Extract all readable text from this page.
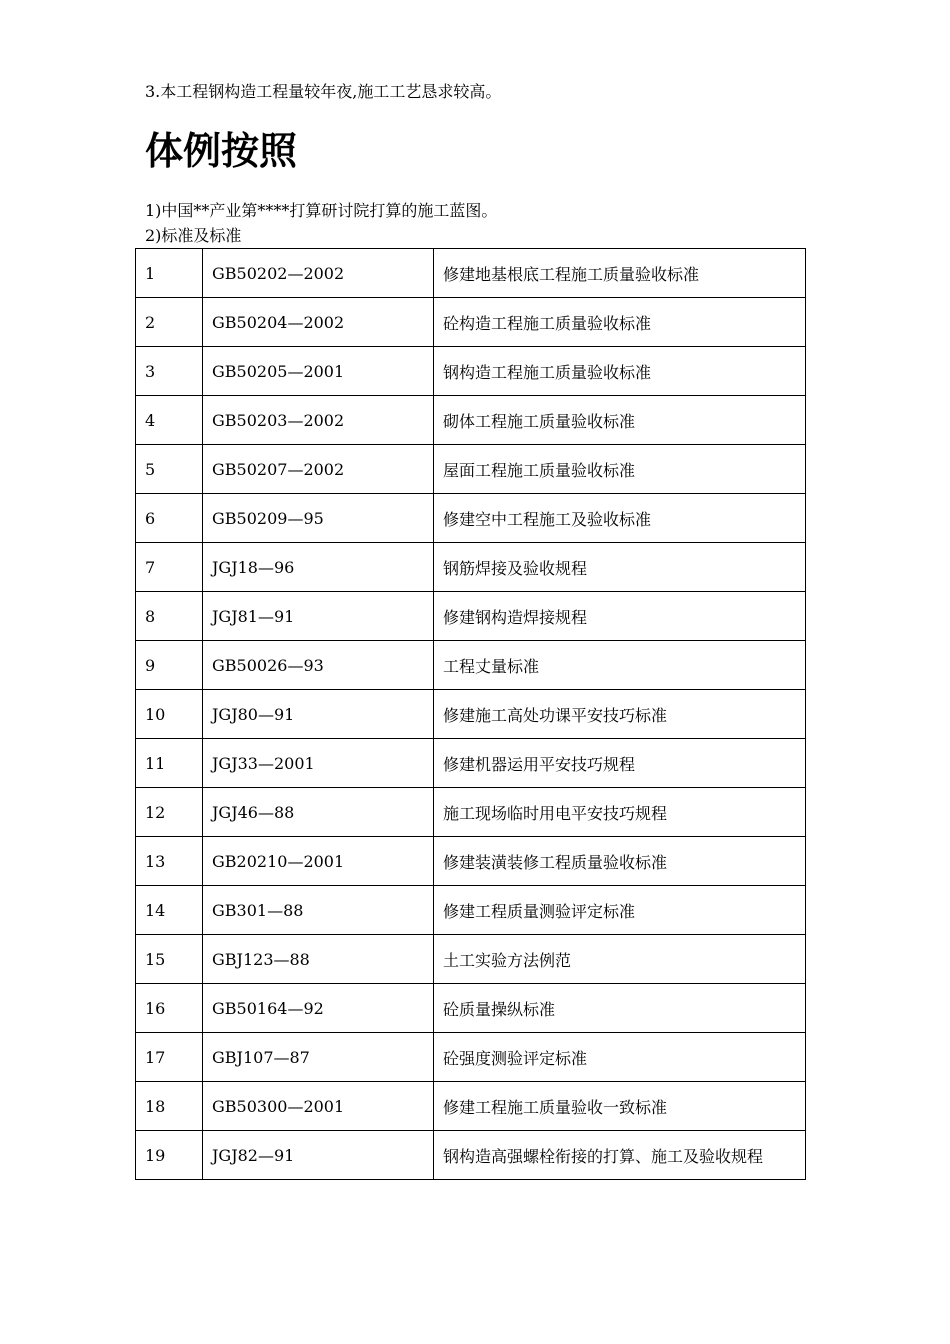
3.本工程钢构造工程量较年夜,施工工艺恳求较高。
体例按照
1)中国**产业第****打算研讨院打算的施工蓝图。
2)标准及标准
1	GB50202—2002	修建地基根底工程施工质量验收标准
2	GB50204—2002	砼构造工程施工质量验收标准
3	GB50205—2001	钢构造工程施工质量验收标准
4	GB50203—2002	砌体工程施工质量验收标准
5	GB50207—2002	屋面工程施工质量验收标准
6	GB50209—95	修建空中工程施工及验收标准
7	JGJ18—96	钢筋焊接及验收规程
8	JGJ81—91	修建钢构造焊接规程
9	GB50026—93	工程丈量标准
10	JGJ80—91	修建施工高处功课平安技巧标准
11	JGJ33—2001	修建机器运用平安技巧规程
12	JGJ46—88	施工现场临时用电平安技巧规程
13	GB20210—2001	修建装潢装修工程质量验收标准
14	GB301—88	修建工程质量测验评定标准
15	GBJ123—88	土工实验方法例范
16	GB50164—92	砼质量操纵标准
17	GBJ107—87	砼强度测验评定标准
18	GB50300—2001	修建工程施工质量验收一致标准
19	JGJ82—91	钢构造高强螺栓衔接的打算、施工及验收规程
